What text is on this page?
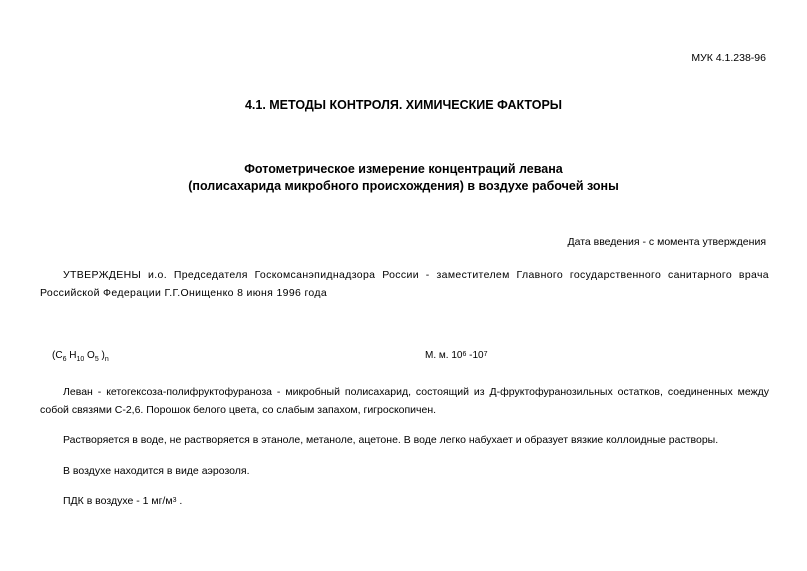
МУК 4.1.238-96
4.1. МЕТОДЫ КОНТРОЛЯ. ХИМИЧЕСКИЕ ФАКТОРЫ
Фотометрическое измерение концентраций левана
(полисахарида микробного происхождения) в воздухе рабочей зоны
Дата введения - с момента утверждения
УТВЕРЖДЕНЫ и.о. Председателя Госкомсанэпиднадзора России - заместителем Главного государственного санитарного врача Российской Федерации Г.Г.Онищенко 8 июня 1996 года
($C_6$ $H_{10}$ $O_5$ )$_n$	М. м. $10^6$ $-10^7$
Леван - кетогексоза-полифруктофураноза - микробный полисахарид, состоящий из Д-фруктофуранозильных остатков, соединенных между собой связями С-2,6. Порошок белого цвета, со слабым запахом, гигроскопичен.
Растворяется в воде, не растворяется в этаноле, метаноле, ацетоне. В воде легко набухает и образует вязкие коллоидные растворы.
В воздухе находится в виде аэрозоля.
ПДК в воздухе - 1 $мг/м^3$ .
